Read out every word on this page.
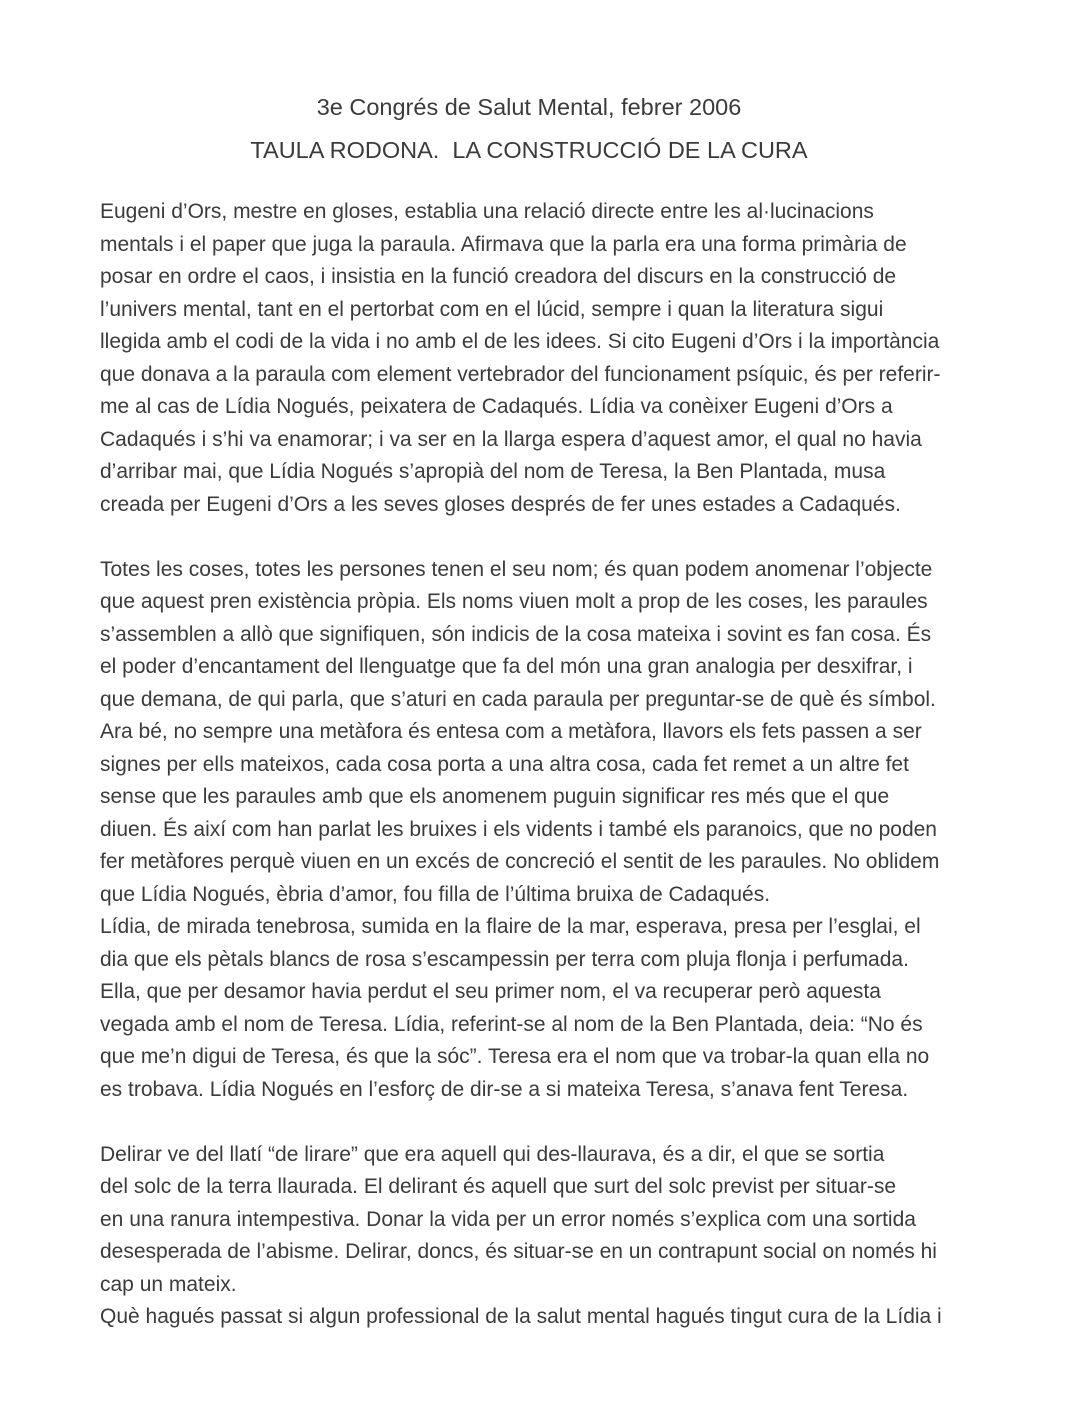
3e Congrés de Salut Mental, febrer 2006
TAULA RODONA.  LA CONSTRUCCIÓ DE LA CURA
Eugeni d’Ors, mestre en gloses, establia una relació directe entre les al·lucinacions
mentals i el paper que juga la paraula. Afirmava que la parla era una forma primària de
posar en ordre el caos, i insistia en la funció creadora del discurs en la construcció de
l’univers mental, tant en el pertorbat com en el lúcid, sempre i quan la literatura sigui
llegida amb el codi de la vida i no amb el de les idees. Si cito Eugeni d’Ors i la importància
que donava a la paraula com element vertebrador del funcionament psíquic, és per referir-
me al cas de Lídia Nogués, peixatera de Cadaqués. Lídia va conèixer Eugeni d’Ors a
Cadaqués i s’hi va enamorar; i va ser en la llarga espera d’aquest amor, el qual no havia
d’arribar mai, que Lídia Nogués s’apropià del nom de Teresa, la Ben Plantada, musa
creada per Eugeni d’Ors a les seves gloses després de fer unes estades a Cadaqués.
Totes les coses, totes les persones tenen el seu nom; és quan podem anomenar l’objecte
que aquest pren existència pròpia. Els noms viuen molt a prop de les coses, les paraules
s’assemblen a allò que signifiquen, són indicis de la cosa mateixa i sovint es fan cosa. És
el poder d’encantament del llenguatge que fa del món una gran analogia per desxifrar, i
que demana, de qui parla, que s’aturi en cada paraula per preguntar-se de què és símbol.
Ara bé, no sempre una metàfora és entesa com a metàfora, llavors els fets passen a ser
signes per ells mateixos, cada cosa porta a una altra cosa, cada fet remet a un altre fet
sense que les paraules amb que els anomenem puguin significar res més que el que
diuen. És així com han parlat les bruixes i els vidents i també els paranoics, que no poden
fer metàfores perquè viuen en un excés de concreció el sentit de les paraules. No oblidem
que Lídia Nogués, èbria d’amor, fou filla de l’última bruixa de Cadaqués.
Lídia, de mirada tenebrosa, sumida en la flaire de la mar, esperava, presa per l’esglai, el
dia que els pètals blancs de rosa s’escampessin per terra com pluja flonja i perfumada.
Ella, que per desamor havia perdut el seu primer nom, el va recuperar però aquesta
vegada amb el nom de Teresa. Lídia, referint-se al nom de la Ben Plantada, deia: “No és
que me’n digui de Teresa, és que la sóc”. Teresa era el nom que va trobar-la quan ella no
es trobava. Lídia Nogués en l’esforç de dir-se a si mateixa Teresa, s’anava fent Teresa.
Delirar ve del llatí “de lirare” que era aquell qui des-llaurava, és a dir, el que se sortia
del solc de la terra llaurada. El delirant és aquell que surt del solc previst per situar-se
en una ranura intempestiva. Donar la vida per un error només s’explica com una sortida
desesperada de l’abisme. Delirar, doncs, és situar-se en un contrapunt social on només hi
cap un mateix.
Què hagués passat si algun professional de la salut mental hagués tingut cura de la Lídia i
